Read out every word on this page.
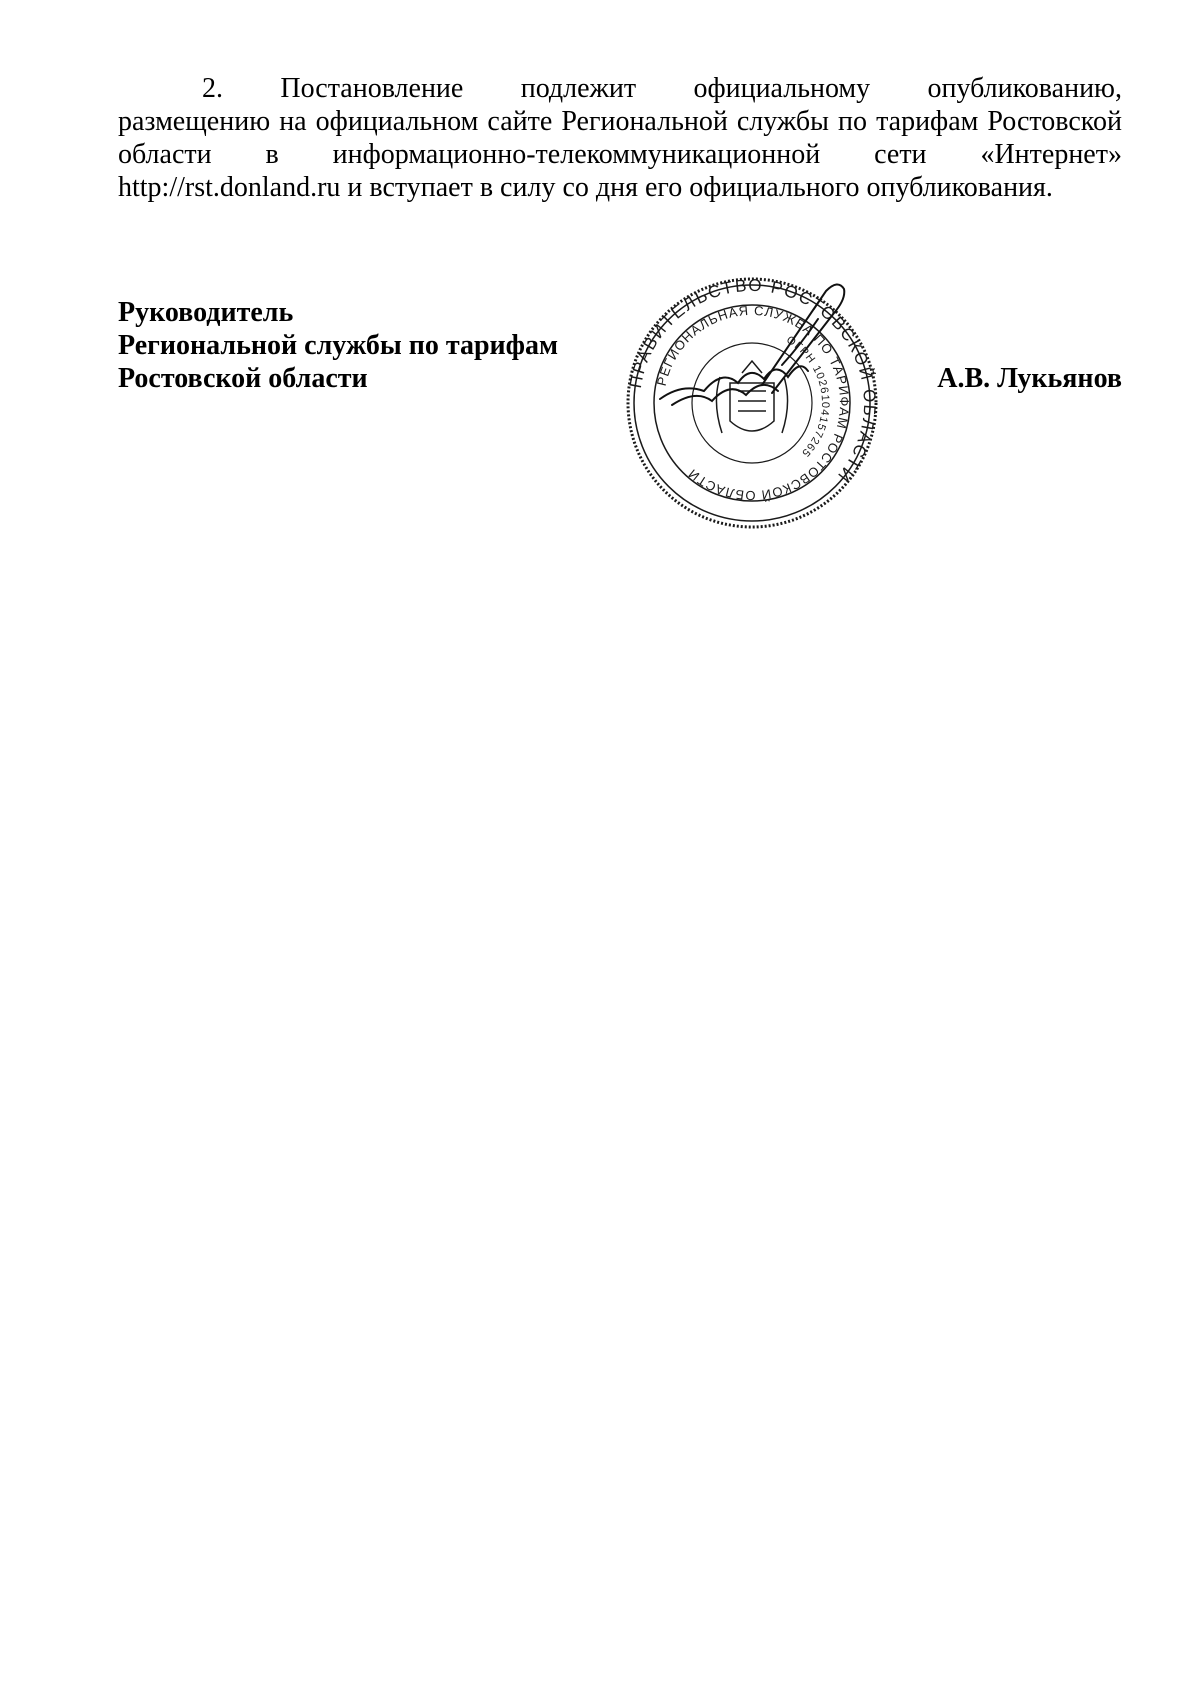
2. Постановление подлежит официальному опубликованию,
размещению на официальном сайте Региональной службы по тарифам Ростовской
области в информационно-телекоммуникационной сети «Интернет»
http://rst.donland.ru и вступает в силу со дня его официального опубликования.
Руководитель
Региональной службы по тарифам
Ростовской области	А.В. Лукьянов
ПРАВИТЕЛЬСТВО РОСТОВСКОЙ ОБЛАСТИ
РЕГИОНАЛЬНАЯ СЛУЖБА ПО ТАРИФАМ РОСТОВСКОЙ ОБЛАСТИ
ОГРН 1026104157265
